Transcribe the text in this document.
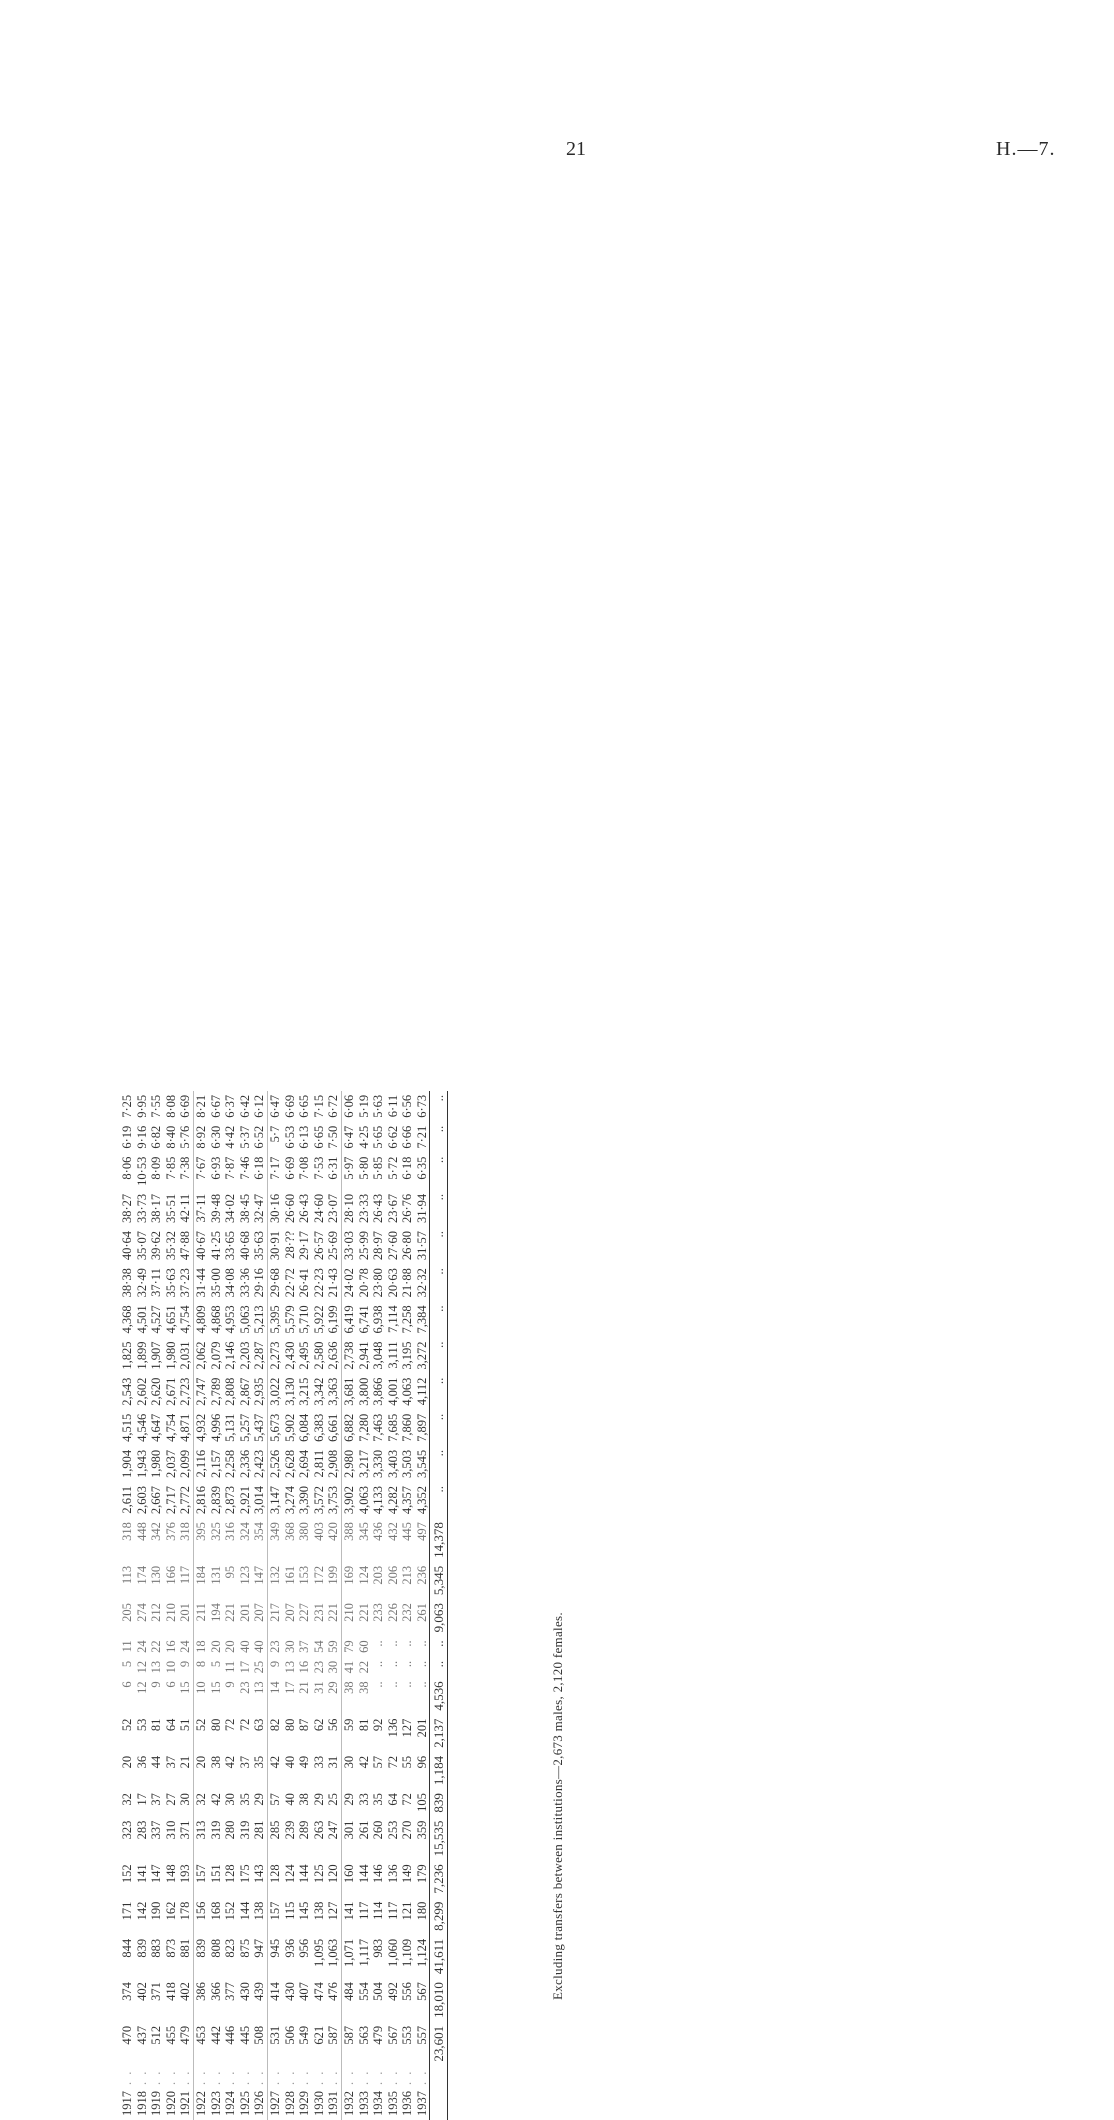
21	H.—7.
1917	. .	470	374	844	171	152	323	32	20	52	6	5	11	205	113	318	2,611	1,904	4,515	2,543	1,825	4,368	38·38	40·64	38·27	8·06	6·19	7·25
1918	. .	437	402	839	142	141	283	17	36	53	12	12	24	274	174	448	2,603	1,943	4,546	2,602	1,899	4,501	32·49	35·07	33·73	10·53	9·16	9·95
1919	. .	512	371	883	190	147	337	37	44	81	9	13	22	212	130	342	2,667	1,980	4,647	2,620	1,907	4,527	37·11	39·62	38·17	8·09	6·82	7·55
1920	. .	455	418	873	162	148	310	27	37	64	6	10	16	210	166	376	2,717	2,037	4,754	2,671	1,980	4,651	35·63	35·32	35·51	7·85	8·40	8·08
1921	. .	479	402	881	178	193	371	30	21	51	15	9	24	201	117	318	2,772	2,099	4,871	2,723	2,031	4,754	37·23	47·88	42·11	7·38	5·76	6·69
1922	. .	453	386	839	156	157	313	32	20	52	10	8	18	211	184	395	2,816	2,116	4,932	2,747	2,062	4,809	31·44	40·67	37·11	7·67	8·92	8·21
1923	. .	442	366	808	168	151	319	42	38	80	15	5	20	194	131	325	2,839	2,157	4,996	2,789	2,079	4,868	35·00	41·25	39·48	6·93	6·30	6·67
1924	. .	446	377	823	152	128	280	30	42	72	9	11	20	221	95	316	2,873	2,258	5,131	2,808	2,146	4,953	34·08	33·65	34·02	7·87	4·42	6·37
1925	. .	445	430	875	144	175	319	35	37	72	23	17	40	201	123	324	2,921	2,336	5,257	2,867	2,203	5,063	33·36	40·68	38·45	7·46	5·37	6·42
1926	. .	508	439	947	138	143	281	29	35	63	13	25	40	207	147	354	3,014	2,423	5,437	2,935	2,287	5,213	29·16	35·63	32·47	6·18	6·52	6·12
1927	. .	531	414	945	157	128	285	57	42	82	14	9	23	217	132	349	3,147	2,526	5,673	3,022	2,273	5,395	29·68	30·91	30·16	7·17	5·7	6·47
1928	. .	506	430	936	115	124	239	40	40	80	17	13	30	207	161	368	3,274	2,628	5,902	3,130	2,430	5,579	22·72	28·??	26·60	6·69	6·53	6·69
1929	. .	549	407	956	145	144	289	38	49	87	21	16	37	227	153	380	3,390	2,694	6,084	3,215	2,495	5,710	26·41	29·17	26·43	7·08	6·13	6·65
1930	. .	621	474	1,095	138	125	263	29	33	62	31	23	54	231	172	403	3,572	2,811	6,383	3,342	2,580	5,922	22·23	26·57	24·60	7·53	6·65	7·15
1931	. .	587	476	1,063	127	120	247	25	31	56	29	30	59	221	199	420	3,753	2,908	6,661	3,363	2,636	6,199	21·43	25·69	23·07	6·31	7·50	6·72
1932	. .	587	484	1,071	141	160	301	29	30	59	38	41	79	210	169	388	3,902	2,980	6,882	3,681	2,738	6,419	24·02	33·03	28·10	5·97	6·47	6·06
1933	. .	563	554	1,117	117	144	261	33	42	81	38	22	60	221	124	345	4,063	3,217	7,280	3,800	2,941	6,741	20·78	25·99	23·33	5·80	4·25	5·19
1934	. .	479	504	983	114	146	260	35	57	92	..	..	..	233	203	436	4,133	3,330	7,463	3,866	3,048	6,938	23·80	28·97	26·43	5·85	5·65	5·63
1935	. .	567	492	1,060	117	136	253	64	72	136	..	..	..	226	206	432	4,282	3,403	7,685	4,001	3,111	7,114	20·63	27·60	23·67	5·72	6·62	6·11
1936	. .	553	556	1,109	121	149	270	72	55	127	..	..	..	232	213	445	4,357	3,503	7,860	4,063	3,195	7,258	21·88	26·80	26·76	6·18	6·66	6·56
1937	. .	557	567	1,124	180	179	359	105	96	201	..	..	..	261	236	497	4,352	3,545	7,897	4,112	3,272	7,384	32·32	31·57	31·94	6·35	7·21	6·73
		23,601	18,010	41,611	8,299	7,236	15,535	839	1,184	2,137	4,536	..	..	9,063	5,345	14,378	..	..	..	..	..	..	..	..	..	..	..	..
Excluding transfers between institutions—2,673 males, 2,120 females.
